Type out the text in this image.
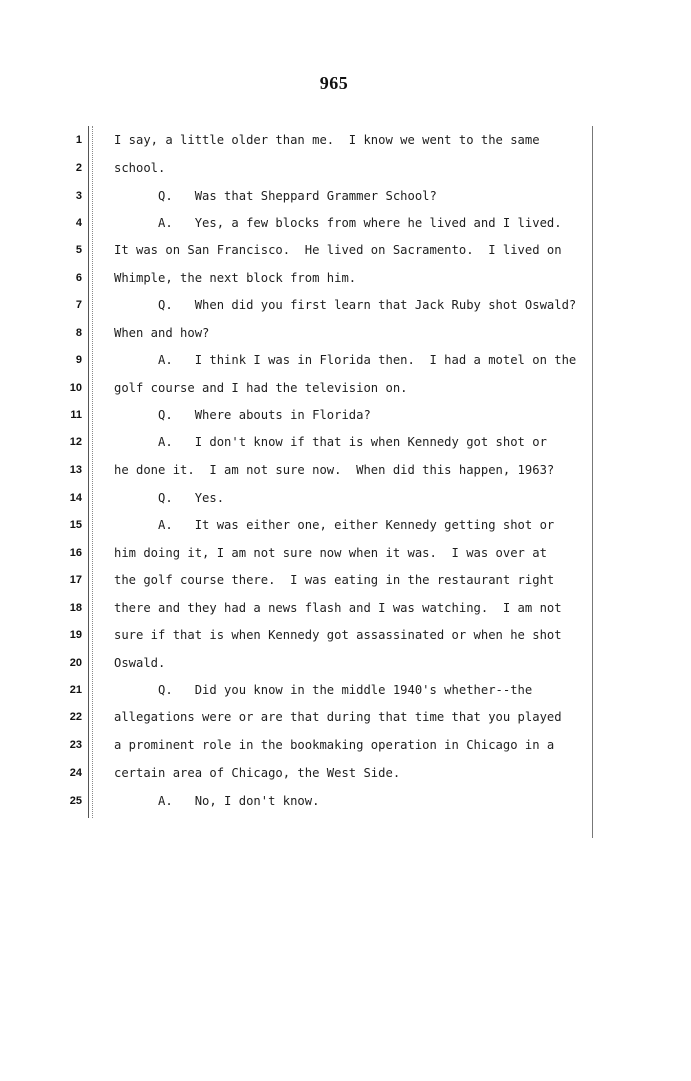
965
1	I say, a little older than me.  I know we went to the same
2	school.
3	Q.   Was that Sheppard Grammer School?
4	A.   Yes, a few blocks from where he lived and I lived.
5	It was on San Francisco.  He lived on Sacramento.  I lived on
6	Whimple, the next block from him.
7	Q.   When did you first learn that Jack Ruby shot Oswald?
8	When and how?
9	A.   I think I was in Florida then.  I had a motel on the
10	golf course and I had the television on.
11	Q.   Where abouts in Florida?
12	A.   I don't know if that is when Kennedy got shot or
13	he done it.  I am not sure now.  When did this happen, 1963?
14	Q.   Yes.
15	A.   It was either one, either Kennedy getting shot or
16	him doing it, I am not sure now when it was.  I was over at
17	the golf course there.  I was eating in the restaurant right
18	there and they had a news flash and I was watching.  I am not
19	sure if that is when Kennedy got assassinated or when he shot
20	Oswald.
21	Q.   Did you know in the middle 1940's whether--the
22	allegations were or are that during that time that you played
23	a prominent role in the bookmaking operation in Chicago in a
24	certain area of Chicago, the West Side.
25	A.   No, I don't know.
